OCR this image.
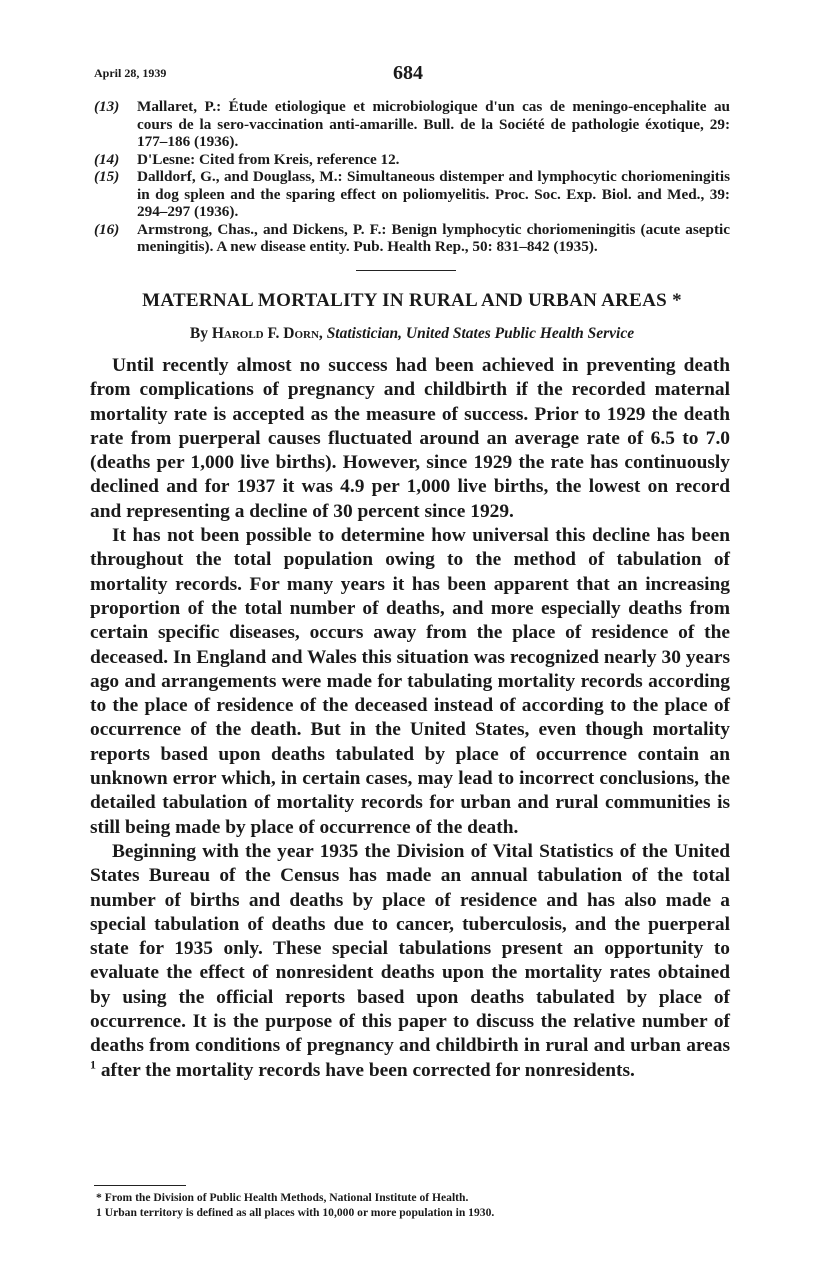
April 28, 1939	684
(13) Mallaret, P.: Étude etiologique et microbiologique d'un cas de meningo-encephalite au cours de la sero-vaccination anti-amarille. Bull. de la Société de pathologie éxotique, 29: 177–186 (1936).
(14) D'Lesne: Cited from Kreis, reference 12.
(15) Dalldorf, G., and Douglass, M.: Simultaneous distemper and lymphocytic choriomeningitis in dog spleen and the sparing effect on poliomyelitis. Proc. Soc. Exp. Biol. and Med., 39: 294–297 (1936).
(16) Armstrong, Chas., and Dickens, P. F.: Benign lymphocytic choriomeningitis (acute aseptic meningitis). A new disease entity. Pub. Health Rep., 50: 831–842 (1935).
MATERNAL MORTALITY IN RURAL AND URBAN AREAS *
By Harold F. Dorn, Statistician, United States Public Health Service

Until recently almost no success had been achieved in preventing death from complications of pregnancy and childbirth if the recorded maternal mortality rate is accepted as the measure of success. Prior to 1929 the death rate from puerperal causes fluctuated around an average rate of 6.5 to 7.0 (deaths per 1,000 live births). However, since 1929 the rate has continuously declined and for 1937 it was 4.9 per 1,000 live births, the lowest on record and representing a decline of 30 percent since 1929.

It has not been possible to determine how universal this decline has been throughout the total population owing to the method of tabulation of mortality records. For many years it has been apparent that an increasing proportion of the total number of deaths, and more especially deaths from certain specific diseases, occurs away from the place of residence of the deceased. In England and Wales this situation was recognized nearly 30 years ago and arrangements were made for tabulating mortality records according to the place of residence of the deceased instead of according to the place of occurrence of the death. But in the United States, even though mortality reports based upon deaths tabulated by place of occurrence contain an unknown error which, in certain cases, may lead to incorrect conclusions, the detailed tabulation of mortality records for urban and rural communities is still being made by place of occurrence of the death.

Beginning with the year 1935 the Division of Vital Statistics of the United States Bureau of the Census has made an annual tabulation of the total number of births and deaths by place of residence and has also made a special tabulation of deaths due to cancer, tuberculosis, and the puerperal state for 1935 only. These special tabulations present an opportunity to evaluate the effect of nonresident deaths upon the mortality rates obtained by using the official reports based upon deaths tabulated by place of occurrence. It is the purpose of this paper to discuss the relative number of deaths from conditions of pregnancy and childbirth in rural and urban areas $^1$ after the mortality records have been corrected for nonresidents.

* From the Division of Public Health Methods, National Institute of Health.
1 Urban territory is defined as all places with 10,000 or more population in 1930.
